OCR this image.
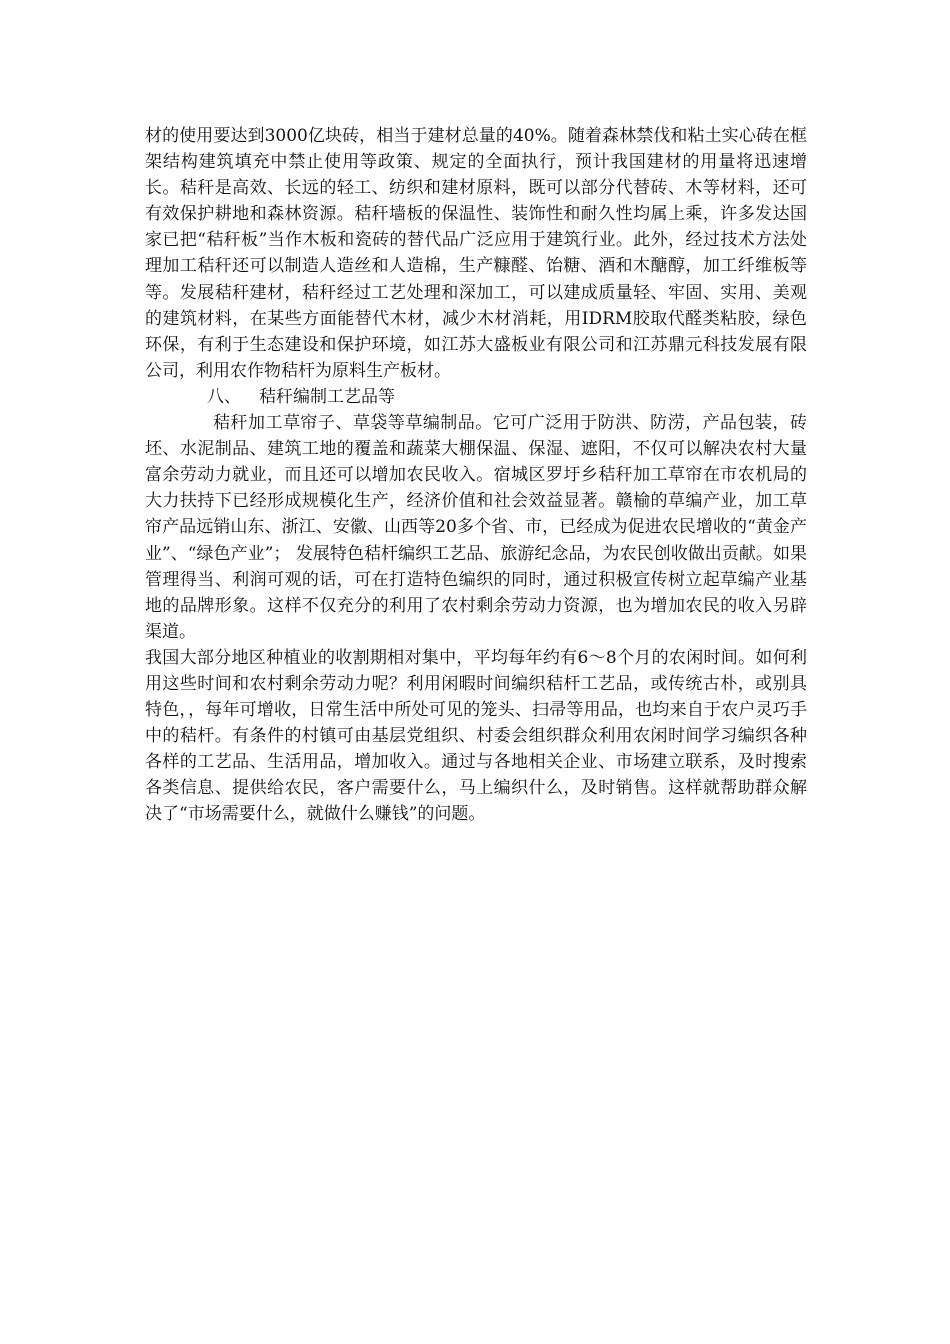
材的使用要达到3000亿块砖，相当于建材总量的40%。随着森林禁伐和粘土实心砖在框架结构建筑填充中禁止使用等政策、规定的全面执行，预计我国建材的用量将迅速增长。秸秆是高效、长远的轻工、纺织和建材原料，既可以部分代替砖、木等材料，还可有效保护耕地和森林资源。秸秆墙板的保温性、装饰性和耐久性均属上乘，许多发达国家已把“秸秆板”当作木板和瓷砖的替代品广泛应用于建筑行业。此外，经过技术方法处理加工秸秆还可以制造人造丝和人造棉，生产糠醛、饴糖、酒和木醣醇，加工纤维板等等。发展秸秆建材，秸秆经过工艺处理和深加工，可以建成质量轻、牢固、实用、美观的建筑材料，在某些方面能替代木材，减少木材消耗，用IDRM胶取代醛类粘胶，绿色环保，有利于生态建设和保护环境，如江苏大盛板业有限公司和江苏鼎元科技发展有限公司，利用农作物秸杆为原料生产板材。

八、 秸秆编制工艺品等

秸秆加工草帘子、草袋等草编制品。它可广泛用于防洪、防涝，产品包装，砖坯、水泥制品、建筑工地的覆盖和蔬菜大棚保温、保湿、遮阳，不仅可以解决农村大量富余劳动力就业，而且还可以增加农民收入。宿城区罗圩乡秸秆加工草帘在市农机局的大力扶持下已经形成规模化生产，经济价值和社会效益显著。赣榆的草编产业，加工草帘产品远销山东、浙江、安徽、山西等20多个省、市，已经成为促进农民增收的“黄金产业”、“绿色产业”； 发展特色秸杆编织工艺品、旅游纪念品，为农民创收做出贡献。如果管理得当、利润可观的话，可在打造特色编织的同时，通过积极宣传树立起草编产业基地的品牌形象。这样不仅充分的利用了农村剩余劳动力资源，也为增加农民的收入另辟渠道。

我国大部分地区种植业的收割期相对集中，平均每年约有6～8个月的农闲时间。如何利用这些时间和农村剩余劳动力呢？利用闲暇时间编织秸杆工艺品，或传统古朴，或别具特色，，每年可增收，日常生活中所处可见的笼头、扫帚等用品，也均来自于农户灵巧手中的秸杆。有条件的村镇可由基层党组织、村委会组织群众利用农闲时间学习编织各种各样的工艺品、生活用品，增加收入。通过与各地相关企业、市场建立联系，及时搜索各类信息、提供给农民，客户需要什么，马上编织什么，及时销售。这样就帮助群众解决了“市场需要什么，就做什么赚钱”的问题。
